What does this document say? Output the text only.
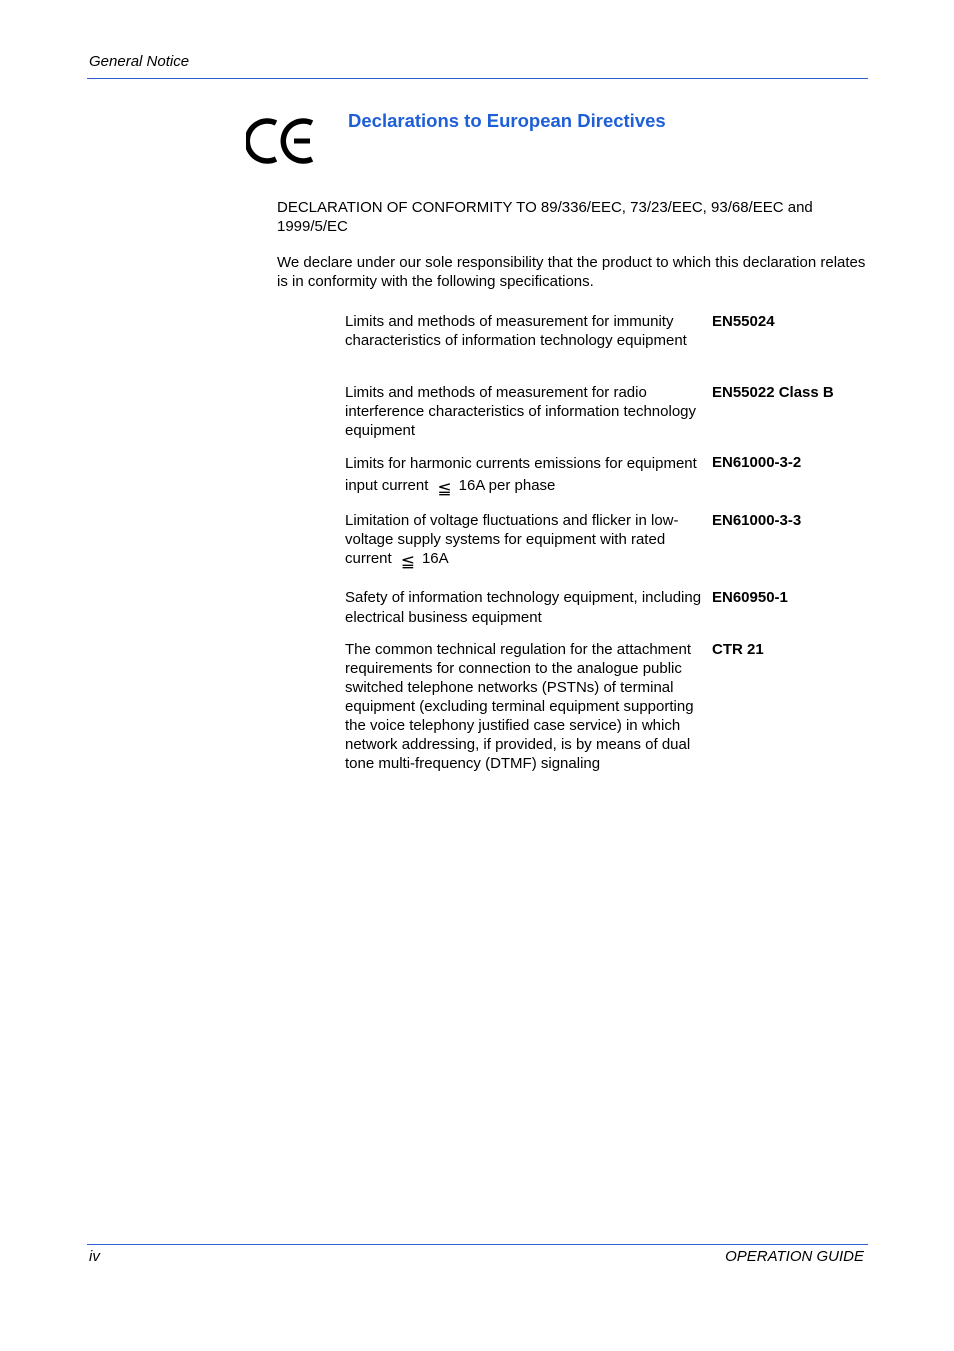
General Notice
Declarations to European Directives
DECLARATION OF CONFORMITY TO 89/336/EEC, 73/23/EEC, 93/68/EEC and 1999/5/EC
We declare under our sole responsibility that the product to which this declaration relates is in conformity with the following specifications.
Limits and methods of measurement for immunity characteristics of information technology equipment
EN55024
Limits and methods of measurement for radio interference characteristics of information technology equipment
EN55022 Class B
Limits for harmonic currents emissions for equipment input current ≦ 16A per phase
EN61000-3-2
Limitation of voltage fluctuations and flicker in low-voltage supply systems for equipment with rated current ≦ 16A
EN61000-3-3
Safety of information technology equipment, including electrical business equipment
EN60950-1
The common technical regulation for the attachment requirements for connection to the analogue public switched telephone networks (PSTNs) of terminal equipment (excluding terminal equipment supporting the voice telephony justified case service) in which network addressing, if provided, is by means of dual tone multi-frequency (DTMF) signaling
CTR 21
iv	OPERATION GUIDE
